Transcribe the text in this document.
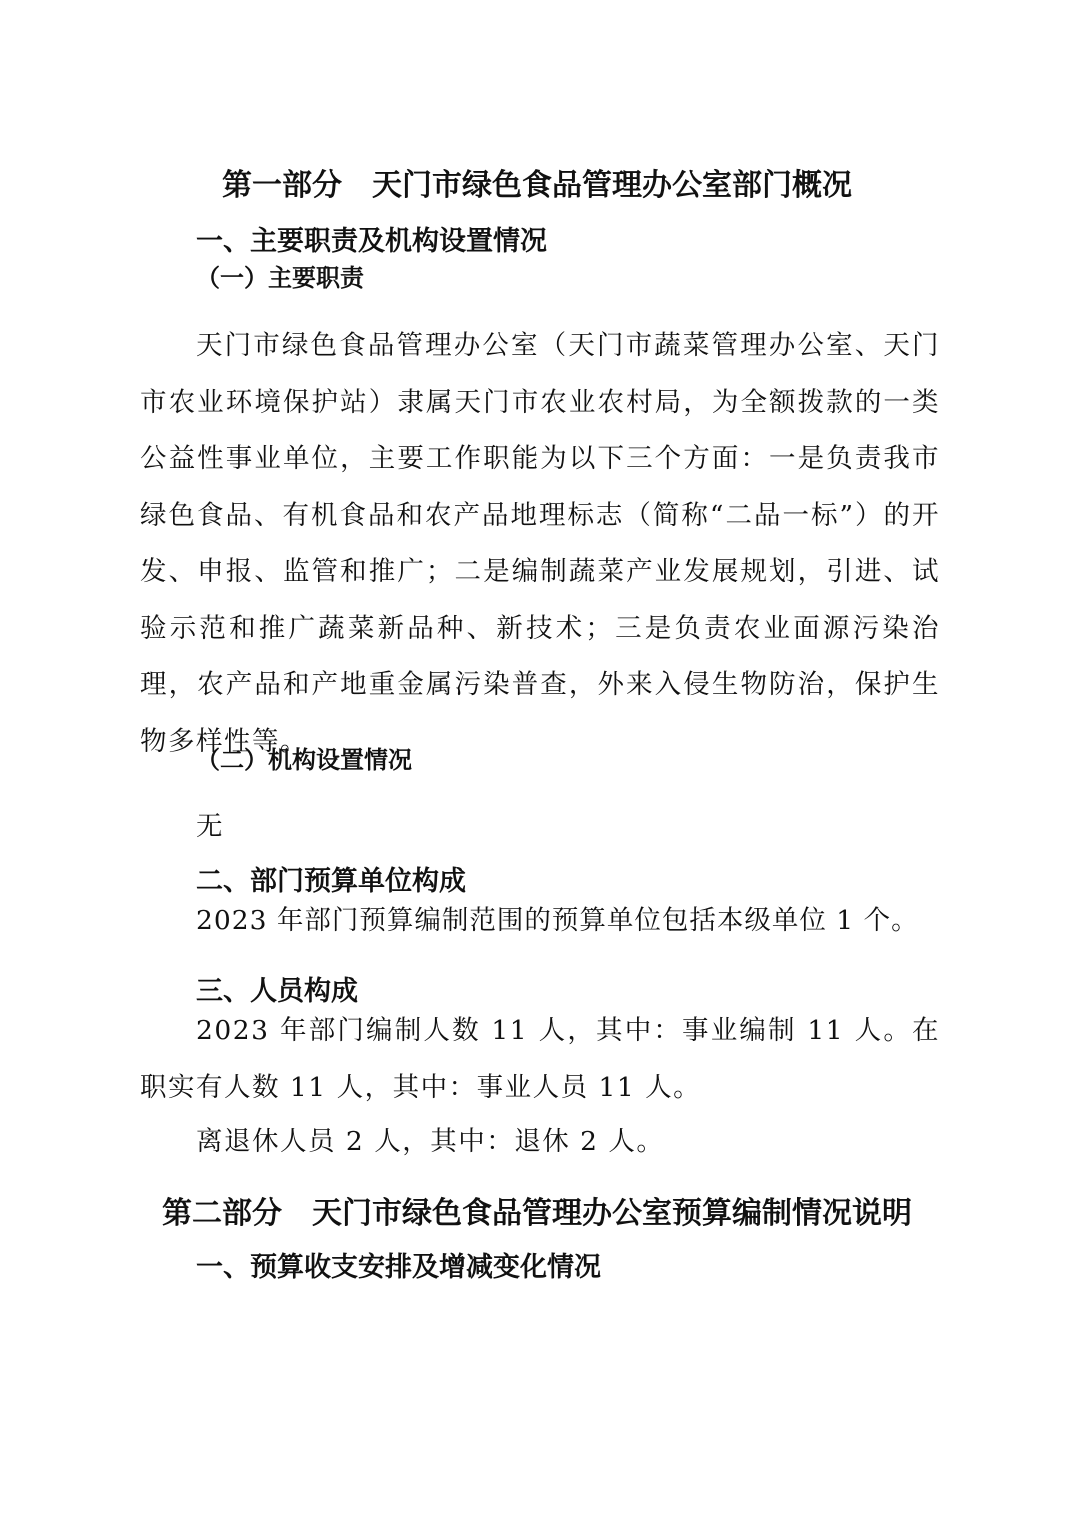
第一部分　天门市绿色食品管理办公室部门概况
一、主要职责及机构设置情况
（一）主要职责

天门市绿色食品管理办公室（天门市蔬菜管理办公室、天门市农业环境保护站）隶属天门市农业农村局，为全额拨款的一类公益性事业单位，主要工作职能为以下三个方面：一是负责我市绿色食品、有机食品和农产品地理标志（简称“二品一标”）的开发、申报、监管和推广；二是编制蔬菜产业发展规划，引进、试验示范和推广蔬菜新品种、新技术；三是负责农业面源污染治理，农产品和产地重金属污染普查，外来入侵生物防治，保护生物多样性等。

（二）机构设置情况

无

二、部门预算单位构成

2023 年部门预算编制范围的预算单位包括本级单位 1 个。

三、人员构成

2023 年部门编制人数 11 人，其中：事业编制 11 人。在职实有人数 11 人，其中：事业人员 11 人。

离退休人员 2 人，其中：退休 2 人。

第二部分　天门市绿色食品管理办公室预算编制情况说明
一、预算收支安排及增减变化情况
